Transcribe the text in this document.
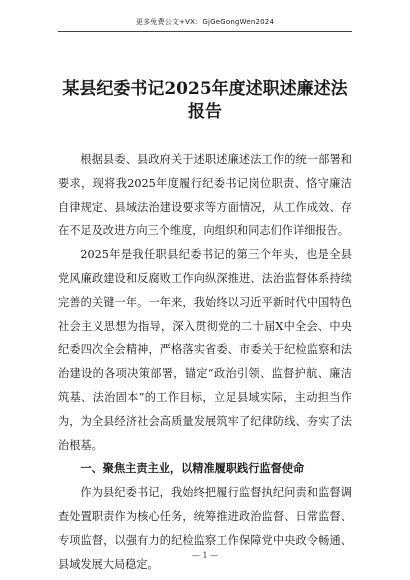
更多免费公文+VX：GjGeGongWen2024
某县纪委书记2025年度述职述廉述法报告

根据县委、县政府关于述职述廉述法工作的统一部署和要求，现将我2025年度履行纪委书记岗位职责、恪守廉洁自律规定、县域法治建设要求等方面情况，从工作成效、存在不足及改进方向三个维度，向组织和同志们作详细报告。

2025年是我任职县纪委书记的第三个年头，也是全县党风廉政建设和反腐败工作向纵深推进、法治监督体系持续完善的关键一年。一年来，我始终以习近平新时代中国特色社会主义思想为指导，深入贯彻党的二十届X中全会、中央纪委四次全会精神，严格落实省委、市委关于纪检监察和法治建设的各项决策部署，锚定“政治引领、监督护航、廉洁筑基、法治固本”的工作目标，立足县域实际，主动担当作为，为全县经济社会高质量发展筑牢了纪律防线、夯实了法治根基。

一、聚焦主责主业，以精准履职践行监督使命

作为县纪委书记，我始终把履行监督执纪问责和监督调查处置职责作为核心任务，统筹推进政治监督、日常监督、专项监督，以强有力的纪检监察工作保障党中央政令畅通、县域发展大局稳定。

— 1 —
